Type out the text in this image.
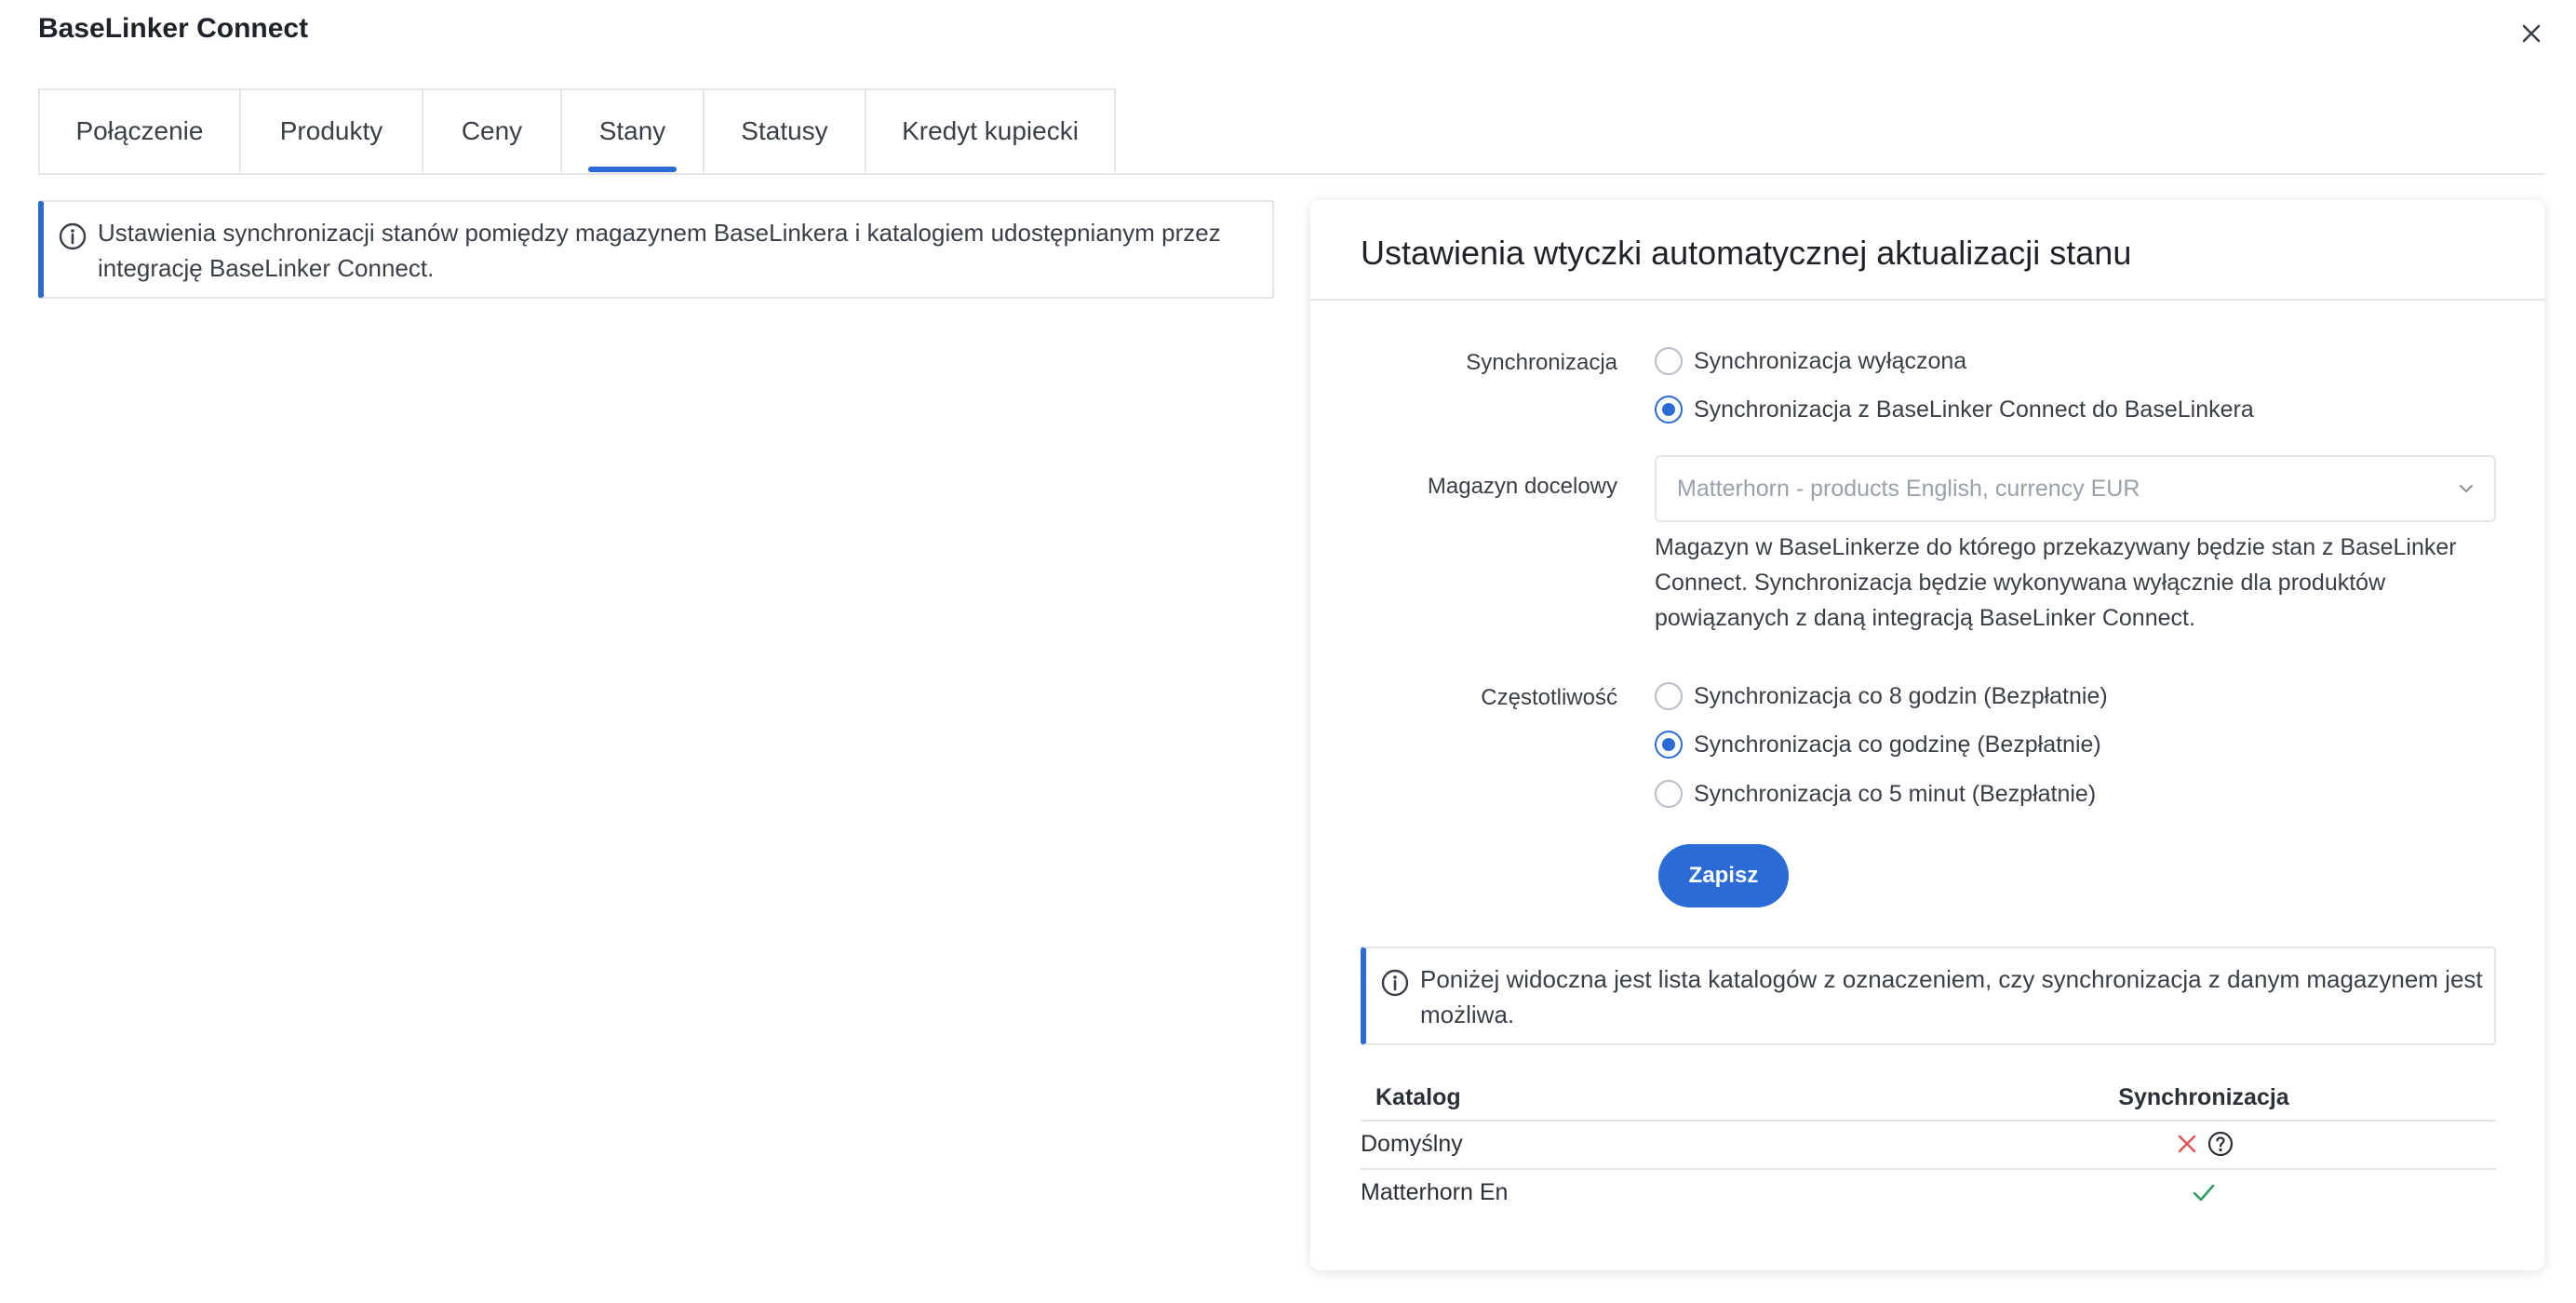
BaseLinker Connect
Połączenie	Produkty	Ceny	Stany	Statusy	Kredyt kupiecki
Ustawienia synchronizacji stanów pomiędzy magazynem BaseLinkera i katalogiem udostępnianym przez integrację BaseLinker Connect.	Ustawienia wtyczki automatycznej aktualizacji stanu
Synchronizacja	Synchronizacja wyłączona
Synchronizacja z BaseLinker Connect do BaseLinkera
Magazyn docelowy	Matterhorn - products English, currency EUR
Magazyn w BaseLinkerze do którego przekazywany będzie stan z BaseLinker Connect. Synchronizacja będzie wykonywana wyłącznie dla produktów powiązanych z daną integracją BaseLinker Connect.
Częstotliwość	Synchronizacja co 8 godzin (Bezpłatnie)
Synchronizacja co godzinę (Bezpłatnie)
Synchronizacja co 5 minut (Bezpłatnie)
Zapisz
Poniżej widoczna jest lista katalogów z oznaczeniem, czy synchronizacja z danym magazynem jest możliwa.
Katalog	Synchronizacja
Domyślny
Matterhorn En
